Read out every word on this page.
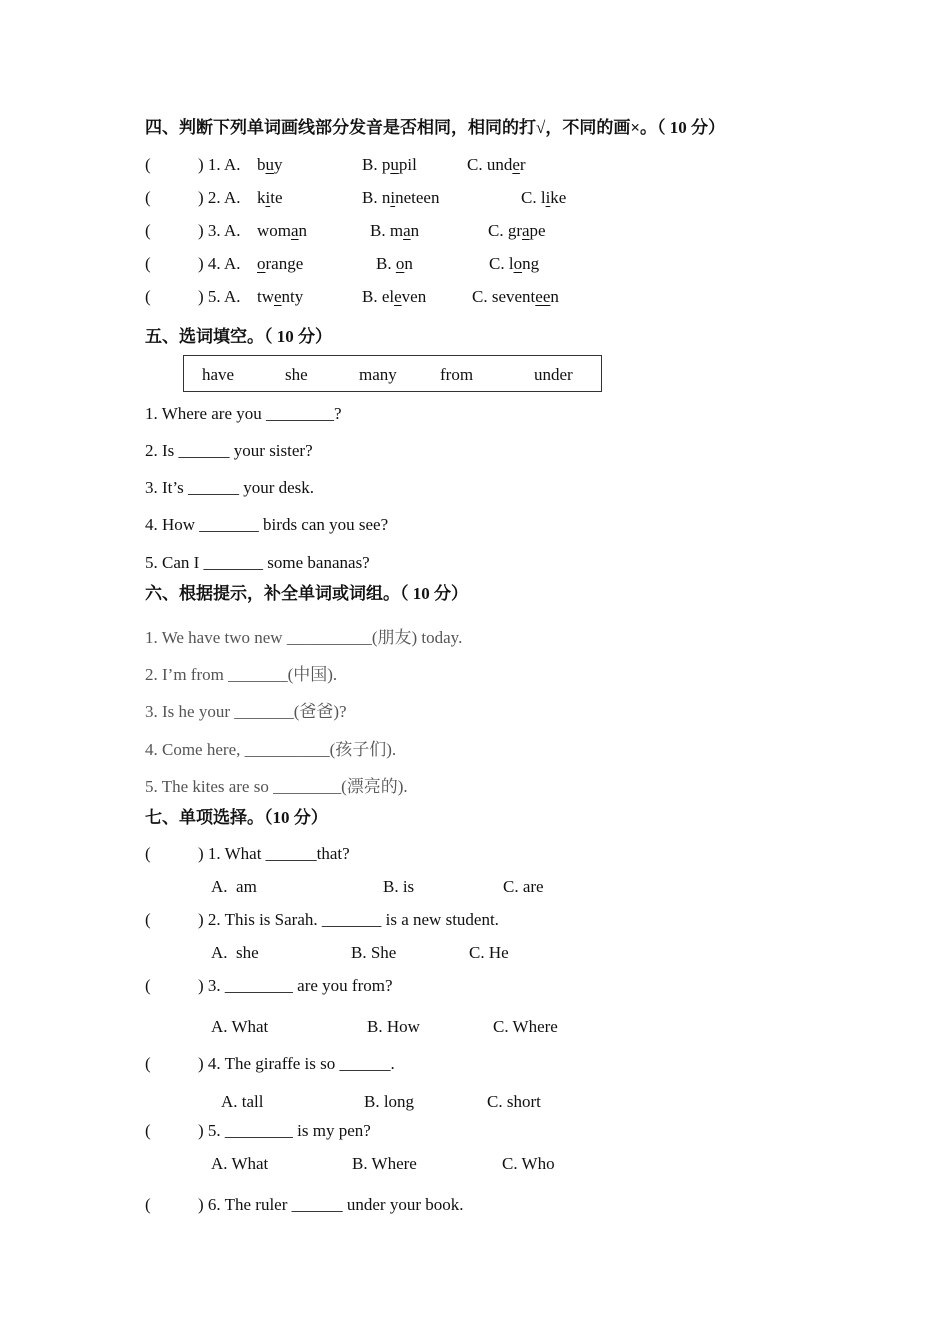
四、判断下列单词画线部分发音是否相同，相同的打√，不同的画×。（ 10 分）
(	) 1. A. buy	B. pupil	C. under
(	) 2. A. kite	B. nineteen	C. like
(	) 3. A. woman	B. man	C. grape
(	) 4. A. orange	B. on	C. long
(	) 5. A. twenty	B. eleven	C. seventeen
五、选词填空。（ 10 分）
have	she	many	from	under
1. Where are you ________?
2. Is ______ your sister?
3. It’s ______ your desk.
4. How _______ birds can you see?
5. Can I _______ some bananas?
六、根据提示，补全单词或词组。（ 10 分）
1. We have two new __________(朋友) today.
2. I’m from _______(中国).
3. Is he your _______(爸爸)?
4. Come here, __________(孩子们).
5. The kites are so ________(漂亮的).
七、单项选择。（10 分）
(	) 1. What ______that?
A.  am	B. is	C. are
(	) 2. This is Sarah. _______ is a new student.
A.  she	B. She	C. He
(	) 3. ________ are you from?
A. What	B. How	C. Where
(	) 4. The giraffe is so ______.
A. tall	B. long	C. short
(	) 5. ________ is my pen?
A. What	B. Where	C. Who
(	) 6. The ruler ______ under your book.
